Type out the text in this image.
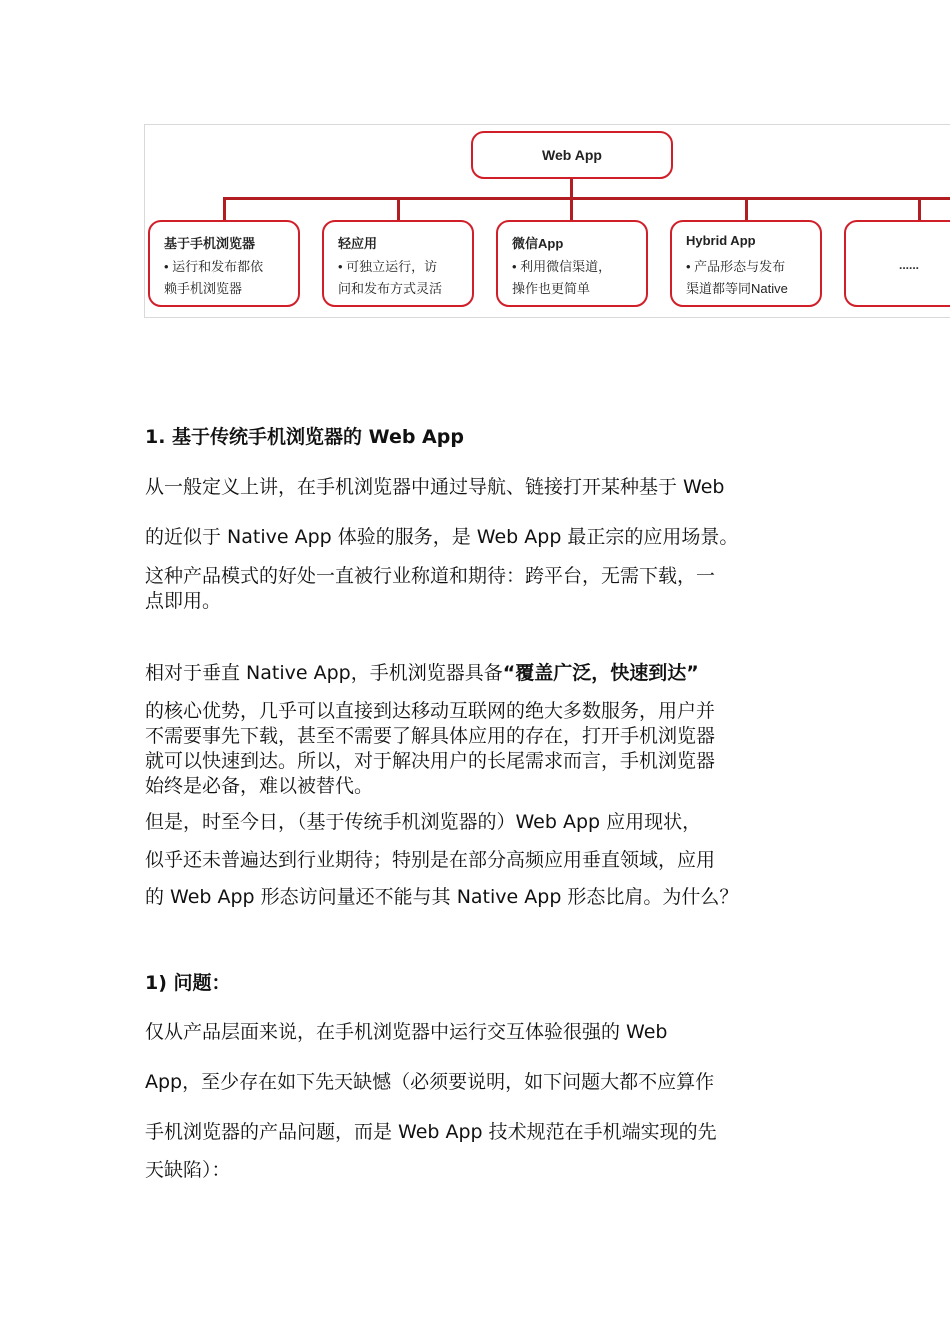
Web App
基于手机浏览器
• 运行和发布都依
赖手机浏览器
轻应用
• 可独立运行，访
问和发布方式灵活
微信App
• 利用微信渠道，
操作也更简单
Hybrid App
• 产品形态与发布
渠道都等同Native
......

1. 基于传统手机浏览器的 Web App

从一般定义上讲，在手机浏览器中通过导航、链接打开某种基于 Web

的近似于 Native App 体验的服务，是 Web App 最正宗的应用场景。

这种产品模式的好处一直被行业称道和期待：跨平台，无需下载，一

点即用。

相对于垂直 Native App，手机浏览器具备“覆盖广泛，快速到达”

的核心优势，几乎可以直接到达移动互联网的绝大多数服务，用户并

不需要事先下载，甚至不需要了解具体应用的存在，打开手机浏览器

就可以快速到达。所以，对于解决用户的长尾需求而言，手机浏览器

始终是必备，难以被替代。

但是，时至今日，（基于传统手机浏览器的）Web App 应用现状，

似乎还未普遍达到行业期待；特别是在部分高频应用垂直领域，应用

的 Web App 形态访问量还不能与其 Native App 形态比肩。为什么？

1) 问题：

仅从产品层面来说，在手机浏览器中运行交互体验很强的 Web

App，至少存在如下先天缺憾（必须要说明，如下问题大都不应算作

手机浏览器的产品问题，而是 Web App 技术规范在手机端实现的先

天缺陷）：
